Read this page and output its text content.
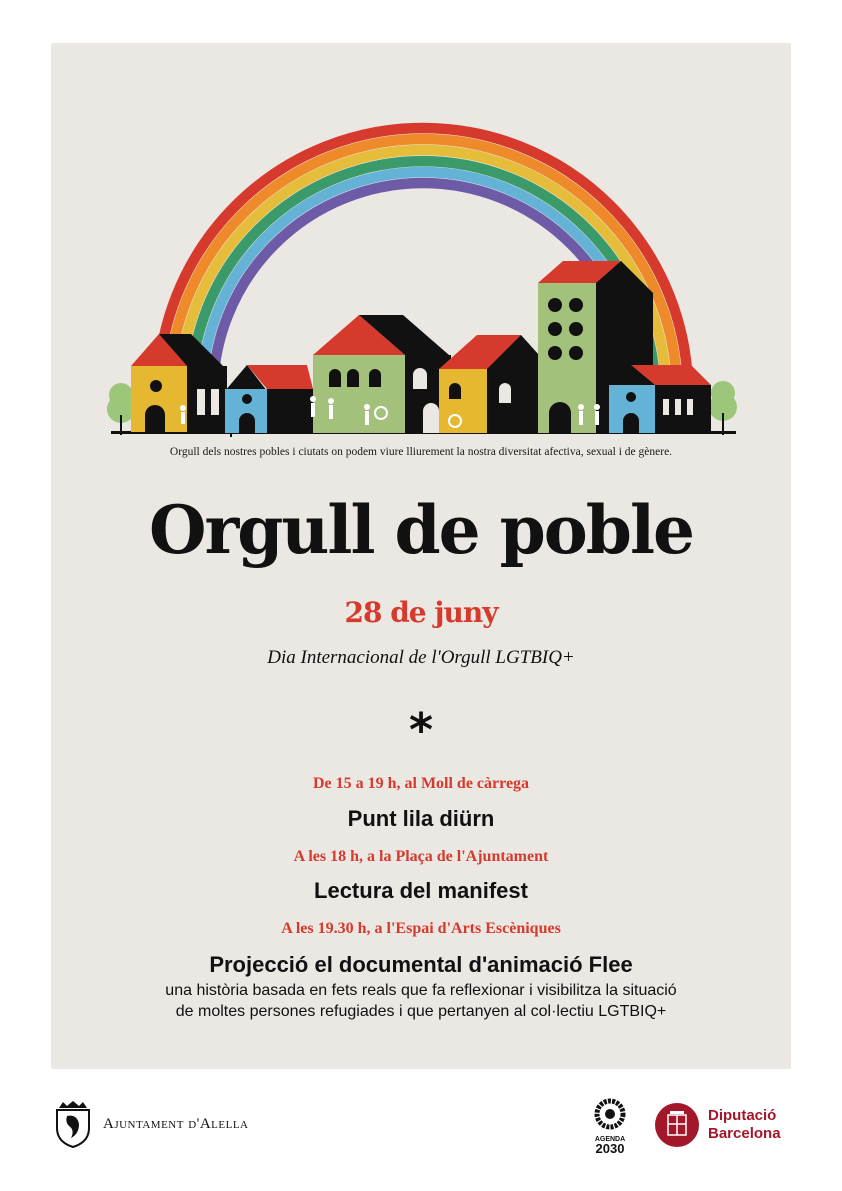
Orgull dels nostres pobles i ciutats on podem viure lliurement la nostra diversitat afectiva, sexual i de gènere.
Orgull de poble
28 de juny
Dia Internacional de l'Orgull LGTBIQ+
*
De 15 a 19 h, al Moll de càrrega
Punt lila diürn
A les 18 h, a la Plaça de l'Ajuntament
Lectura del manifest
A les 19.30 h, a l'Espai d'Arts Escèniques
Projecció el documental d'animació Flee
una història basada en fets reals que fa reflexionar i visibilitza la situació
de moltes persones refugiades i que pertanyen al col·lectiu LGTBIQ+
Ajuntament d'Alella
AGENDA
2030
Diputació
Barcelona
